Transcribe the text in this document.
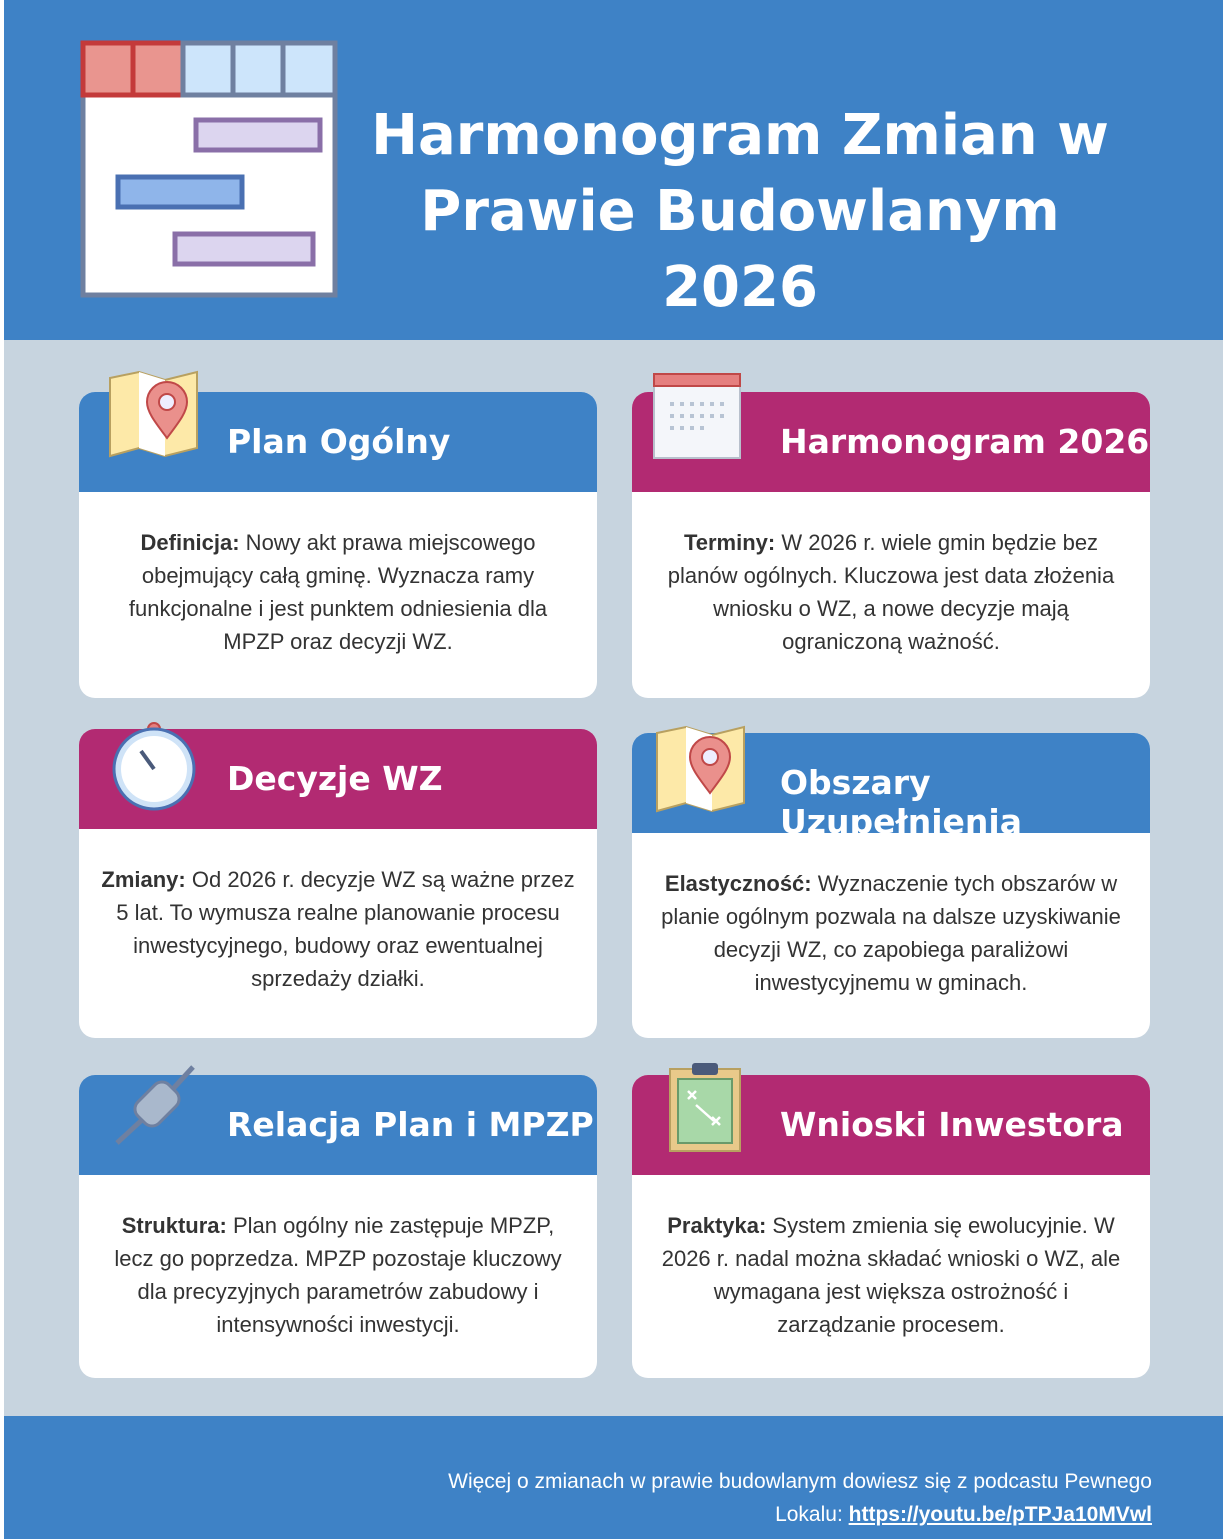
Harmonogram Zmian w Prawie Budowlanym 2026
Plan Ogólny
Definicja: Nowy akt prawa miejscowego obejmujący całą gminę. Wyznacza ramy funkcjonalne i jest punktem odniesienia dla MPZP oraz decyzji WZ.
Harmonogram 2026
Terminy: W 2026 r. wiele gmin będzie bez planów ogólnych. Kluczowa jest data złożenia wniosku o WZ, a nowe decyzje mają ograniczoną ważność.
Decyzje WZ
Zmiany: Od 2026 r. decyzje WZ są ważne przez 5 lat. To wymusza realne planowanie procesu inwestycyjnego, budowy oraz ewentualnej sprzedaży działki.
Obszary Uzupełnienia
Elastyczność: Wyznaczenie tych obszarów w planie ogólnym pozwala na dalsze uzyskiwanie decyzji WZ, co zapobiega paraliżowi inwestycyjnemu w gminach.
Relacja Plan i MPZP
Struktura: Plan ogólny nie zastępuje MPZP, lecz go poprzedza. MPZP pozostaje kluczowy dla precyzyjnych parametrów zabudowy i intensywności inwestycji.
Wnioski Inwestora
Praktyka: System zmienia się ewolucyjnie. W 2026 r. nadal można składać wnioski o WZ, ale wymagana jest większa ostrożność i zarządzanie procesem.
Więcej o zmianach w prawie budowlanym dowiesz się z podcastu Pewnego
Lokalu: https://youtu.be/pTPJa10MVwl
